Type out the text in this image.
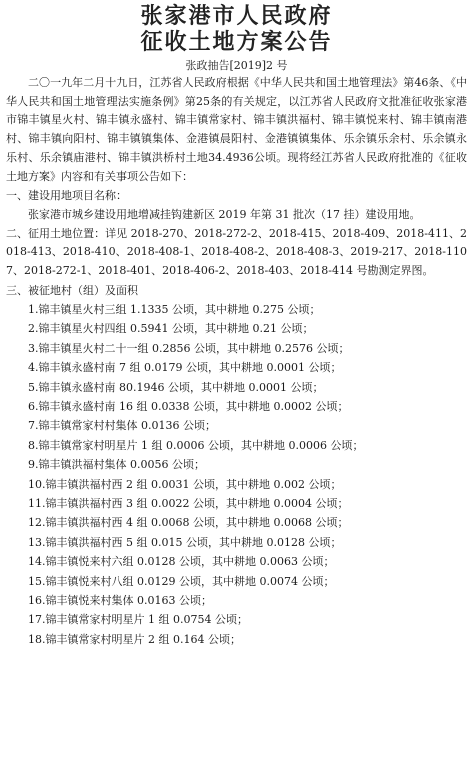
张家港市人民政府
征收土地方案公告
张政抽告[2019]2 号

二〇一九年二月十九日，江苏省人民政府根据《中华人民共和国土地管理法》第46条、《中华人民共和国土地管理法实施条例》第25条的有关规定，以江苏省人民政府文批准征收张家港市锦丰镇星火村、锦丰镇永盛村、锦丰镇常家村、锦丰镇洪福村、锦丰镇悦来村、锦丰镇南港村、锦丰镇向阳村、锦丰镇镇集体、金港镇晨阳村、金港镇镇集体、乐余镇乐余村、乐余镇永乐村、乐余镇庙港村、锦丰镇洪桥村土地34.4936公顷。现将经江苏省人民政府批准的《征收土地方案》内容和有关事项公告如下：

一、建设用地项目名称：
张家港市城乡建设用地增减挂钩建新区 2019 年第 31 批次（17 挂）建设用地。

二、征用土地位置：详见 2018-270、2018-272-2、2018-415、2018-409、2018-411、2018-413、2018-410、2018-408-1、2018-408-2、2018-408-3、2019-217、2018-1107、2018-272-1、2018-401、2018-406-2、2018-403、2018-414 号勘测定界图。

三、被征地村（组）及面积
1.锦丰镇星火村三组 1.1335 公顷，其中耕地 0.275 公顷；
2.锦丰镇星火村四组 0.5941 公顷，其中耕地 0.21 公顷；
3.锦丰镇星火村二十一组 0.2856 公顷，其中耕地 0.2576 公顷；
4.锦丰镇永盛村南 7 组 0.0179 公顷，其中耕地 0.0001 公顷；
5.锦丰镇永盛村南 80.1946 公顷，其中耕地 0.0001 公顷；
6.锦丰镇永盛村南 16 组 0.0338 公顷，其中耕地 0.0002 公顷；
7.锦丰镇常家村村集体 0.0136 公顷；
8.锦丰镇常家村明星片 1 组 0.0006 公顷，其中耕地 0.0006 公顷；
9.锦丰镇洪福村集体 0.0056 公顷；
10.锦丰镇洪福村西 2 组 0.0031 公顷，其中耕地 0.002 公顷；
11.锦丰镇洪福村西 3 组 0.0022 公顷，其中耕地 0.0004 公顷；
12.锦丰镇洪福村西 4 组 0.0068 公顷，其中耕地 0.0068 公顷；
13.锦丰镇洪福村西 5 组 0.015 公顷，其中耕地 0.0128 公顷；
14.锦丰镇悦来村六组 0.0128 公顷，其中耕地 0.0063 公顷；
15.锦丰镇悦来村八组 0.0129 公顷，其中耕地 0.0074 公顷；
16.锦丰镇悦来村集体 0.0163 公顷；
17.锦丰镇常家村明星片 1 组 0.0754 公顷；
18.锦丰镇常家村明星片 2 组 0.164 公顷；
